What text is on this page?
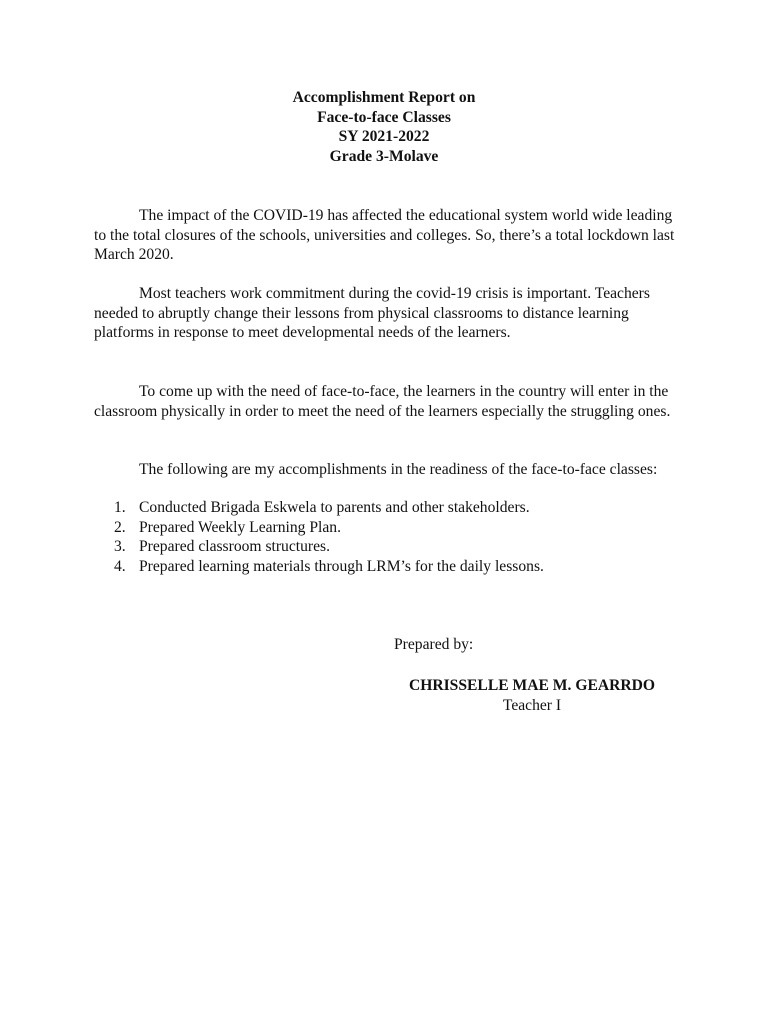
Accomplishment Report on
Face-to-face Classes
SY 2021-2022
Grade 3-Molave

The impact of the COVID-19 has affected the educational system world wide leading to the total closures of the schools, universities and colleges. So, there’s a total lockdown last March 2020.

Most teachers work commitment during the covid-19 crisis is important. Teachers needed to abruptly change their lessons from physical classrooms to distance learning platforms in response to meet developmental needs of the learners.

To come up with the need of face-to-face, the learners in the country will enter in the classroom physically in order to meet the need of the learners especially the struggling ones.

The following are my accomplishments in the readiness of the face-to-face classes:

1. Conducted Brigada Eskwela to parents and other stakeholders.
2. Prepared Weekly Learning Plan.
3. Prepared classroom structures.
4. Prepared learning materials through LRM’s for the daily lessons.
Prepared by:
CHRISSELLE MAE M. GEARRDO
Teacher I
